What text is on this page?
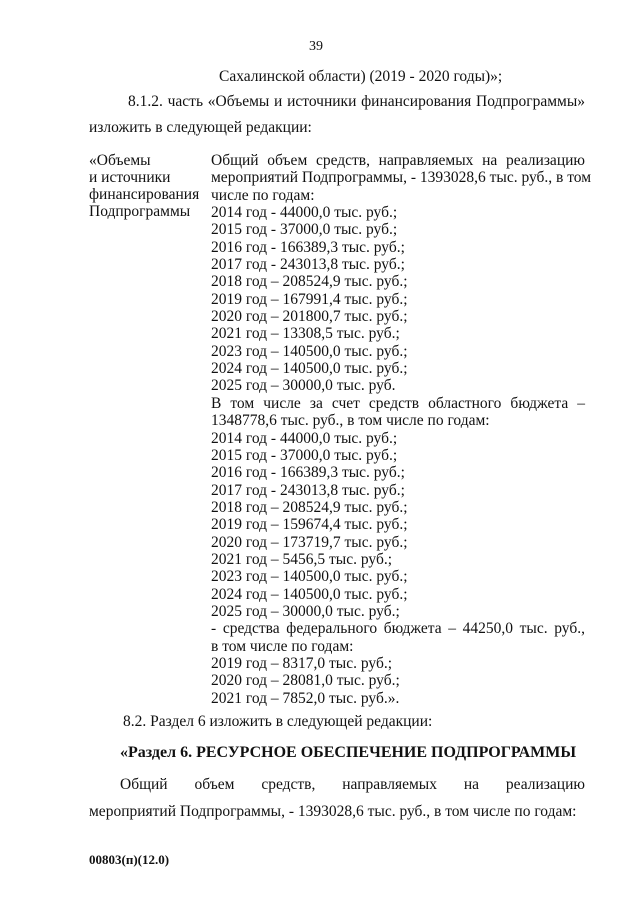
39
Сахалинской области) (2019 - 2020 годы)»;
8.1.2. часть «Объемы и источники финансирования Подпрограммы»
изложить в следующей редакции:
«Объемы
и источники
финансирования
Подпрограммы
Общий объем средств, направляемых на реализацию
мероприятий Подпрограммы, - 1393028,6 тыс. руб., в том
числе по годам:
2014 год - 44000,0 тыс. руб.;
2015 год - 37000,0 тыс. руб.;
2016 год - 166389,3 тыс. руб.;
2017 год - 243013,8 тыс. руб.;
2018 год – 208524,9 тыс. руб.;
2019 год – 167991,4 тыс. руб.;
2020 год – 201800,7 тыс. руб.;
2021 год – 13308,5 тыс. руб.;
2023 год – 140500,0 тыс. руб.;
2024 год – 140500,0 тыс. руб.;
2025 год – 30000,0 тыс. руб.
В том числе за счет средств областного бюджета –
1348778,6 тыс. руб., в том числе по годам:
2014 год - 44000,0 тыс. руб.;
2015 год - 37000,0 тыс. руб.;
2016 год - 166389,3 тыс. руб.;
2017 год - 243013,8 тыс. руб.;
2018 год – 208524,9 тыс. руб.;
2019 год – 159674,4 тыс. руб.;
2020 год – 173719,7 тыс. руб.;
2021 год – 5456,5 тыс. руб.;
2023 год – 140500,0 тыс. руб.;
2024 год – 140500,0 тыс. руб.;
2025 год – 30000,0 тыс. руб.;
- средства федерального бюджета – 44250,0 тыс. руб.,
в том числе по годам:
2019 год – 8317,0 тыс. руб.;
2020 год – 28081,0 тыс. руб.;
2021 год – 7852,0 тыс. руб.».
8.2. Раздел 6 изложить в следующей редакции:
«Раздел 6. РЕСУРСНОЕ ОБЕСПЕЧЕНИЕ ПОДПРОГРАММЫ
Общий объем средств, направляемых на реализацию
мероприятий Подпрограммы, - 1393028,6 тыс. руб., в том числе по годам:
00803(п)(12.0)
